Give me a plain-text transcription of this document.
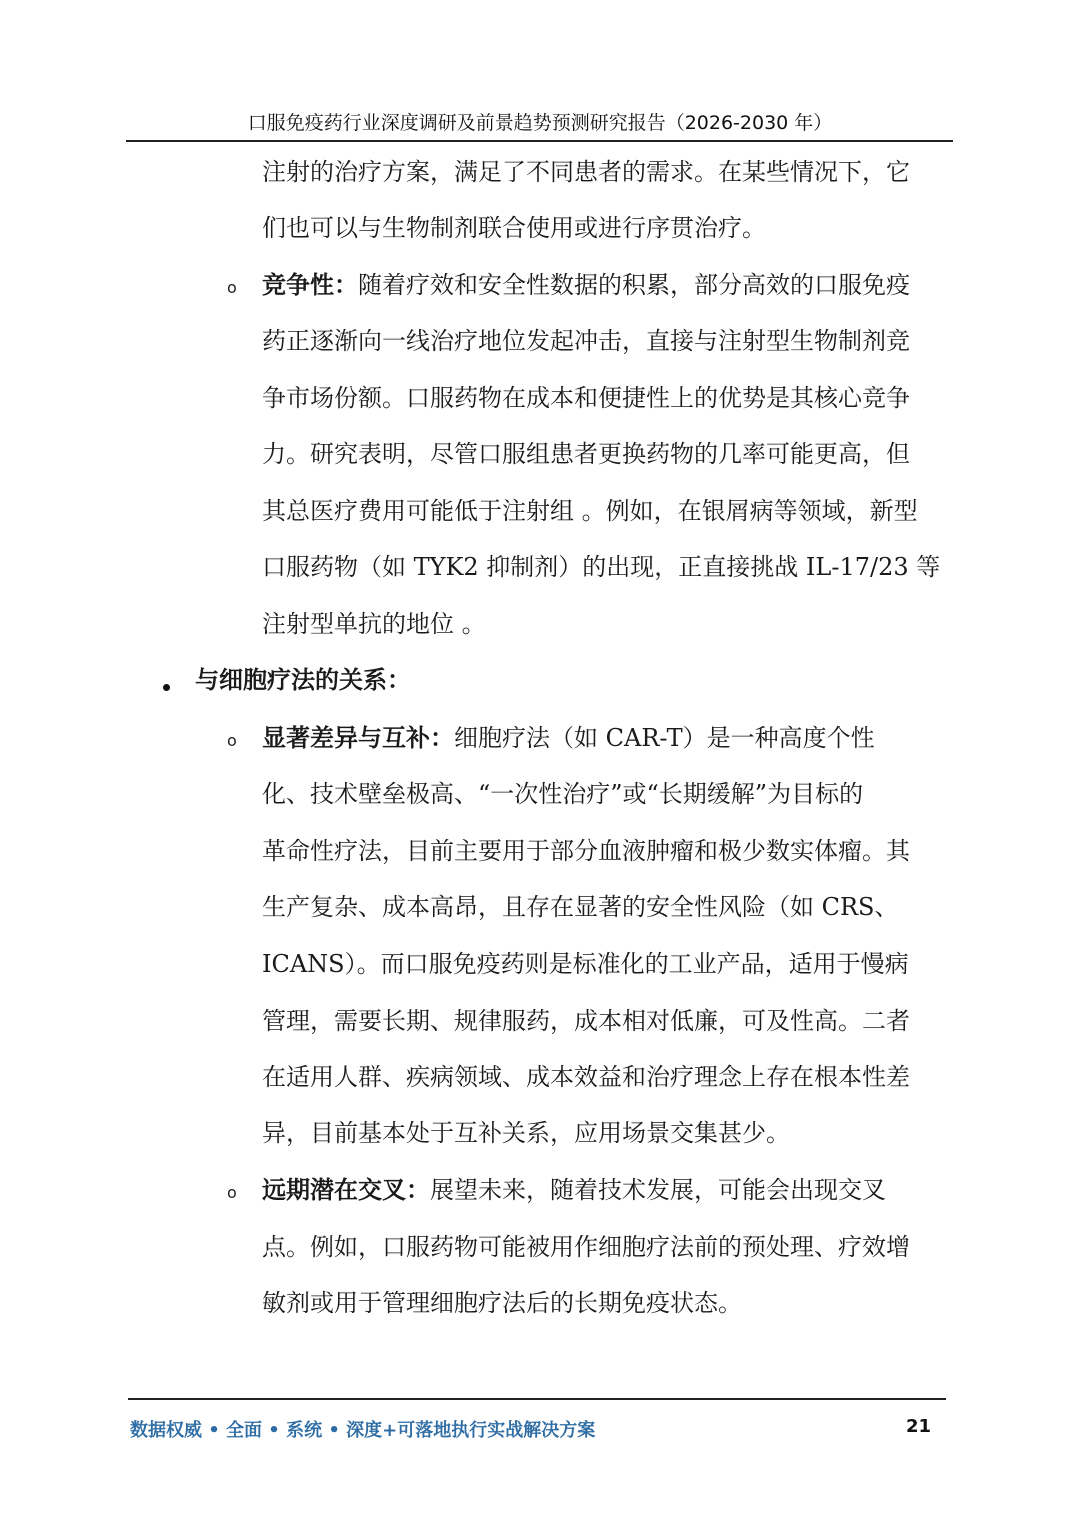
口服免疫药行业深度调研及前景趋势预测研究报告（2026-2030 年）
注射的治疗方案，满足了不同患者的需求。在某些情况下，它
们也可以与生物制剂联合使用或进行序贯治疗。
o 竞争性：随着疗效和安全性数据的积累，部分高效的口服免疫
药正逐渐向一线治疗地位发起冲击，直接与注射型生物制剂竞
争市场份额。口服药物在成本和便捷性上的优势是其核心竞争
力。研究表明，尽管口服组患者更换药物的几率可能更高，但
其总医疗费用可能低于注射组 。例如，在银屑病等领域，新型
口服药物（如 TYK2 抑制剂）的出现，正直接挑战 IL-17/23 等
注射型单抗的地位 。
与细胞疗法的关系：
o 显著差异与互补：细胞疗法（如 CAR-T）是一种高度个性
化、技术壁垒极高、“一次性治疗”或“长期缓解”为目标的
革命性疗法，目前主要用于部分血液肿瘤和极少数实体瘤。其
生产复杂、成本高昂，且存在显著的安全性风险（如 CRS、
ICANS）。而口服免疫药则是标准化的工业产品，适用于慢病
管理，需要长期、规律服药，成本相对低廉，可及性高。二者
在适用人群、疾病领域、成本效益和治疗理念上存在根本性差
异，目前基本处于互补关系，应用场景交集甚少。
o 远期潜在交叉：展望未来，随着技术发展，可能会出现交叉
点。例如，口服药物可能被用作细胞疗法前的预处理、疗效增
敏剂或用于管理细胞疗法后的长期免疫状态。
数据权威 • 全面 • 系统 • 深度+可落地执行实战解决方案	21
